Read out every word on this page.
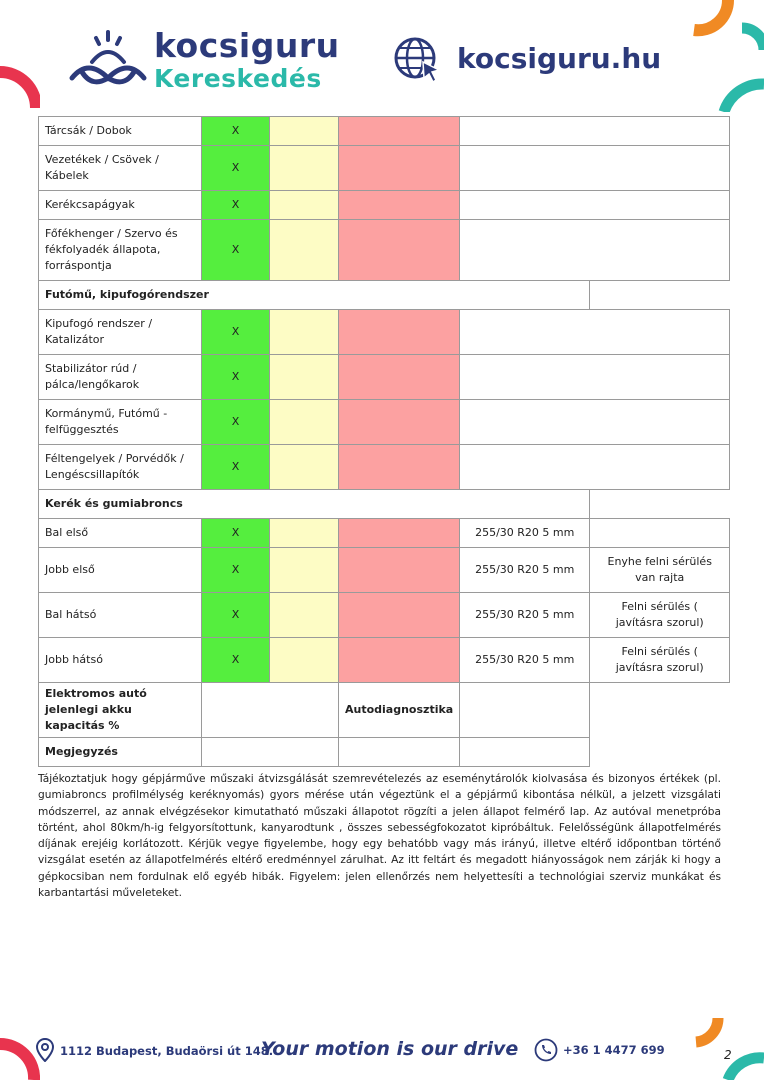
kocsiguru
Kereskedés
kocsiguru.hu
Tárcsák / Dobok	X				
Vezetékek / Csövek / Kábelek	X				
Kerékcsapágyak	X				
Főfékhenger / Szervo és fékfolyadék állapota, forráspontja	X				
Futómű, kipufogórendszer					
Kipufogó rendszer / Katalizátor	X				
Stabilizátor rúd / pálca/lengőkarok	X				
Kormánymű, Futómű - felfüggesztés	X				
Féltengelyek / Porvédők / Lengéscsillapítók	X				
Kerék és gumiabroncs					
Bal első	X			255/30 R20 5 mm	
Jobb első	X			255/30 R20 5 mm	Enyhe felni sérülés van rajta
Bal hátsó	X			255/30 R20 5 mm	Felni sérülés ( javításra szorul)
Jobb hátsó	X			255/30 R20 5 mm	Felni sérülés ( javításra szorul)
Elektromos autó jelenlegi akku kapacitás %			Autodiagnosztika		
Megjegyzés					
Tájékoztatjuk hogy gépjárműve műszaki átvizsgálását szemrevételezés az eseménytárolók kiolvasása és bizonyos értékek (pl. gumiabroncs profilmélység keréknyomás) gyors mérése után végeztünk el a gépjármű kibontása nélkül, a jelzett vizsgálati módszerrel, az annak elvégzésekor kimutatható műszaki állapotot rögzíti a jelen állapot felmérő lap. Az autóval menetpróba történt, ahol 80km/h-ig felgyorsítottunk, kanyarodtunk , összes sebességfokozatot kipróbáltuk. Felelősségünk állapotfelmérés díjának erejéig korlátozott. Kérjük vegye figyelembe, hogy egy behatóbb vagy más irányú, illetve eltérő időpontban történő vizsgálat esetén az állapotfelmérés eltérő eredménnyel zárulhat. Az itt feltárt és megadott hiányosságok nem zárják ki hogy a gépkocsiban nem fordulnak elő egyéb hibák. Figyelem: jelen ellenőrzés nem helyettesíti a technológiai szerviz munkákat és karbantartási műveleteket.
1112 Budapest, Budaörsi út 148.
Your motion is our drive	+36 1 4477 699	2
